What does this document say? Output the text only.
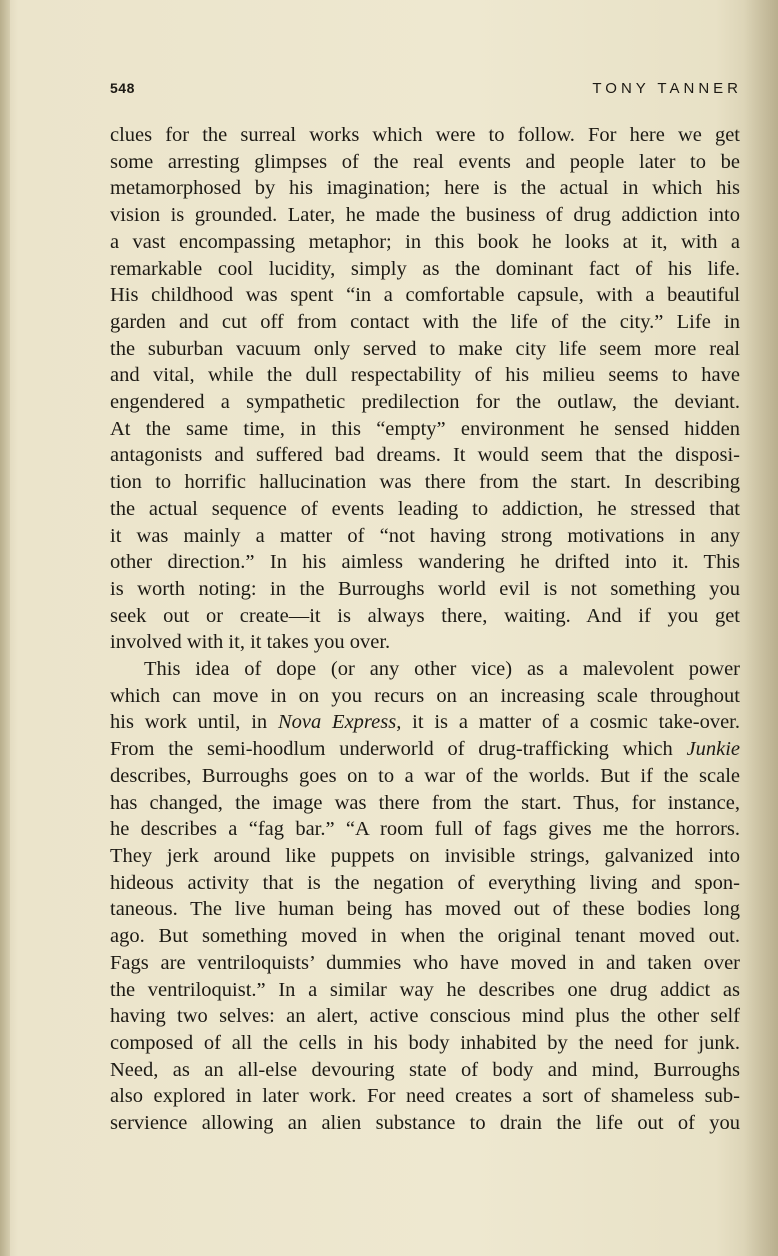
548	TONY TANNER
clues for the surreal works which were to follow. For here we get
some arresting glimpses of the real events and people later to be
metamorphosed by his imagination; here is the actual in which his
vision is grounded. Later, he made the business of drug addiction into
a vast encompassing metaphor; in this book he looks at it, with a
remarkable cool lucidity, simply as the dominant fact of his life.
His childhood was spent “in a comfortable capsule, with a beautiful
garden and cut off from contact with the life of the city.” Life in
the suburban vacuum only served to make city life seem more real
and vital, while the dull respectability of his milieu seems to have
engendered a sympathetic predilection for the outlaw, the deviant.
At the same time, in this “empty” environment he sensed hidden
antagonists and suffered bad dreams. It would seem that the disposi-
tion to horrific hallucination was there from the start. In describing
the actual sequence of events leading to addiction, he stressed that
it was mainly a matter of “not having strong motivations in any
other direction.” In his aimless wandering he drifted into it. This
is worth noting: in the Burroughs world evil is not something you
seek out or create—it is always there, waiting. And if you get
involved with it, it takes you over.
This idea of dope (or any other vice) as a malevolent power
which can move in on you recurs on an increasing scale throughout
his work until, in Nova Express, it is a matter of a cosmic take-over.
From the semi-hoodlum underworld of drug-trafficking which Junkie
describes, Burroughs goes on to a war of the worlds. But if the scale
has changed, the image was there from the start. Thus, for instance,
he describes a “fag bar.” “A room full of fags gives me the horrors.
They jerk around like puppets on invisible strings, galvanized into
hideous activity that is the negation of everything living and spon-
taneous. The live human being has moved out of these bodies long
ago. But something moved in when the original tenant moved out.
Fags are ventriloquists’ dummies who have moved in and taken over
the ventriloquist.” In a similar way he describes one drug addict as
having two selves: an alert, active conscious mind plus the other self
composed of all the cells in his body inhabited by the need for junk.
Need, as an all-else devouring state of body and mind, Burroughs
also explored in later work. For need creates a sort of shameless sub-
servience allowing an alien substance to drain the life out of you
